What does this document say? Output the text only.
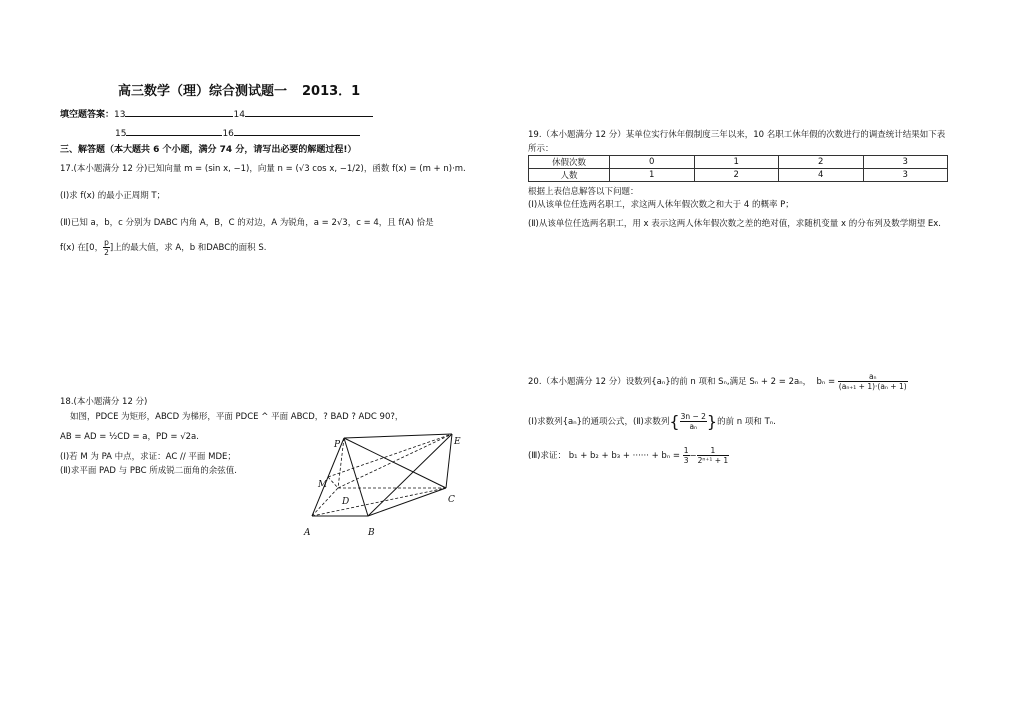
高三数学（理）综合测试题一 2013．1
填空题答案：13	14
15	16
三、解答题（本大题共 6 个小题，满分 74 分，请写出必要的解题过程!）
17.(本小题满分 12 分)已知向量 m = (sin x, −1)，向量 n = (√3 cos x, −1/2)，函数 f(x) = (m + n)·m.
(Ⅰ)求 f(x) 的最小正周期 T；
(Ⅱ)已知 a，b，c 分别为 DABC 内角 A，B，C 的对边，A 为锐角，a = 2√3，c = 4，且 f(A) 恰是
f(x) 在[0， $\frac{p}{2}$ ]上的最大值，求 A，b 和DABC的面积 S.
18.(本小题满分 12 分)
如图，PDCE 为矩形，ABCD 为梯形，平面 PDCE ^ 平面 ABCD，? BAD ? ADC 90?，
AB = AD = ½CD = a，PD = √2a.
(Ⅰ)若 M 为 PA 中点，求证：AC // 平面 MDE；
(Ⅱ)求平面 PAD 与 PBC 所成锐二面角的余弦值.
P	E
M
D	C
A	B
19.（本小题满分 12 分）某单位实行休年假制度三年以来，10 名职工休年假的次数进行的调查统计结果如下表
所示：
休假次数	0	1	2	3
人数	1	2	4	3
根据上表信息解答以下问题：
(Ⅰ)从该单位任选两名职工，求这两人休年假次数之和大于 4 的概率 P；
(Ⅱ)从该单位任选两名职工，用 x 表示这两人休年假次数之差的绝对值，求随机变量 x 的分布列及数学期望 Ex.
20.（本小题满分 12 分）设数列{aₙ}的前 n 项和 Sₙ,满足 Sₙ + 2 = 2aₙ， $b_n = \frac{\text{aₙ}}{\text{(aₙ₊₁ + 1)·(aₙ + 1)}}$
(Ⅰ)求数列{aₙ}的通项公式，(Ⅱ)求数列{ $\frac{3n - 2}{\text{aₙ}}$ }的前 n 项和 Tₙ.
(Ⅲ)求证： b₁ + b₂ + b₃ + ······ + $b_n = \frac{1}{3} - \frac{1}{\text{2ⁿ⁺¹ + 1}}$
